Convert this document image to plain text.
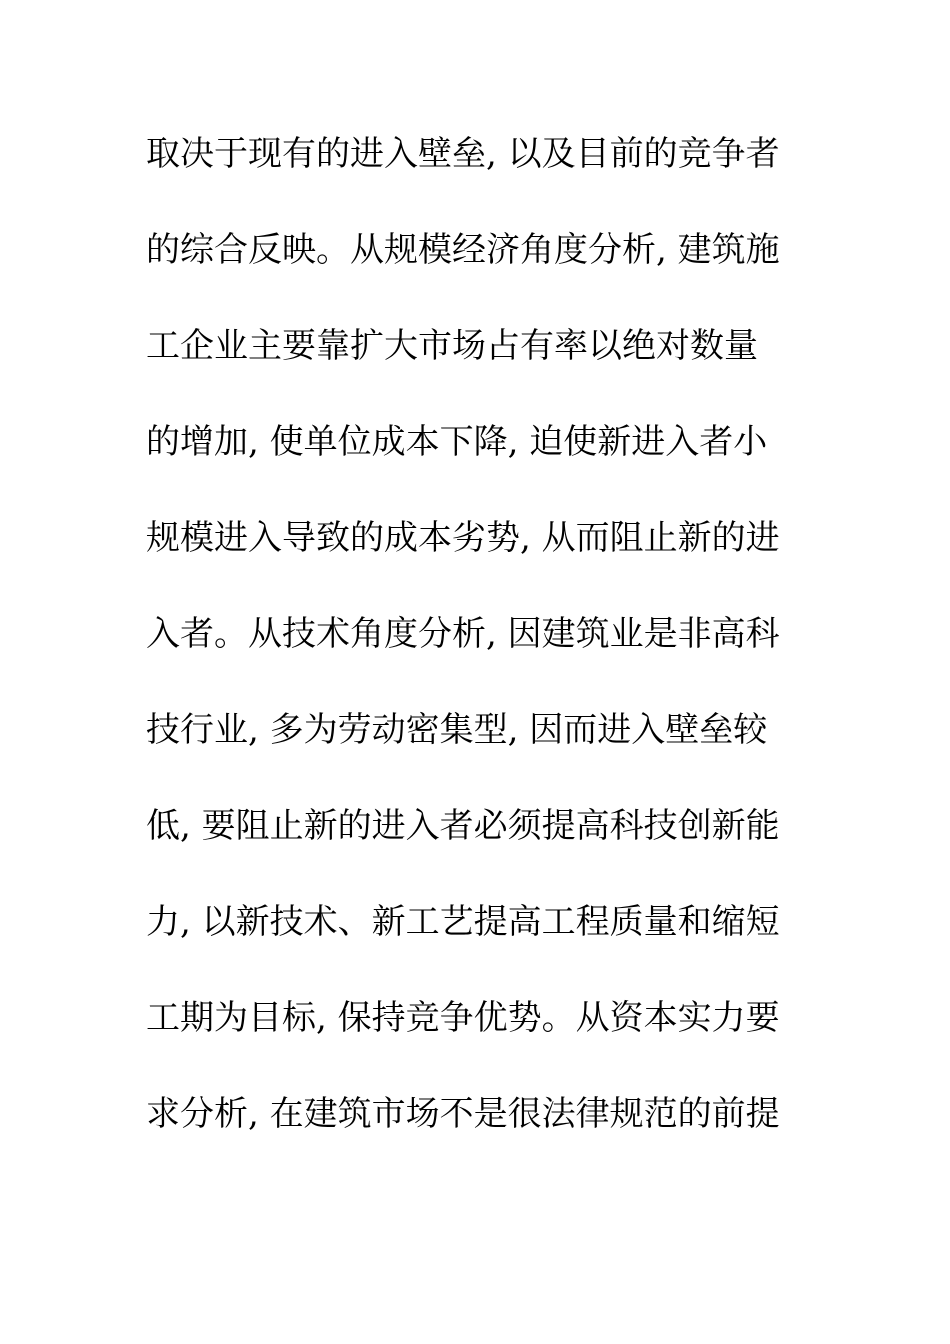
取决于现有的进入壁垒, 以及目前的竞争者
的综合反映。从规模经济角度分析, 建筑施
工企业主要靠扩大市场占有率以绝对数量
的增加, 使单位成本下降, 迫使新进入者小
规模进入导致的成本劣势, 从而阻止新的进
入者。从技术角度分析, 因建筑业是非高科
技行业, 多为劳动密集型, 因而进入壁垒较
低, 要阻止新的进入者必须提高科技创新能
力, 以新技术、新工艺提高工程质量和缩短
工期为目标, 保持竞争优势。从资本实力要
求分析, 在建筑市场不是很法律规范的前提
